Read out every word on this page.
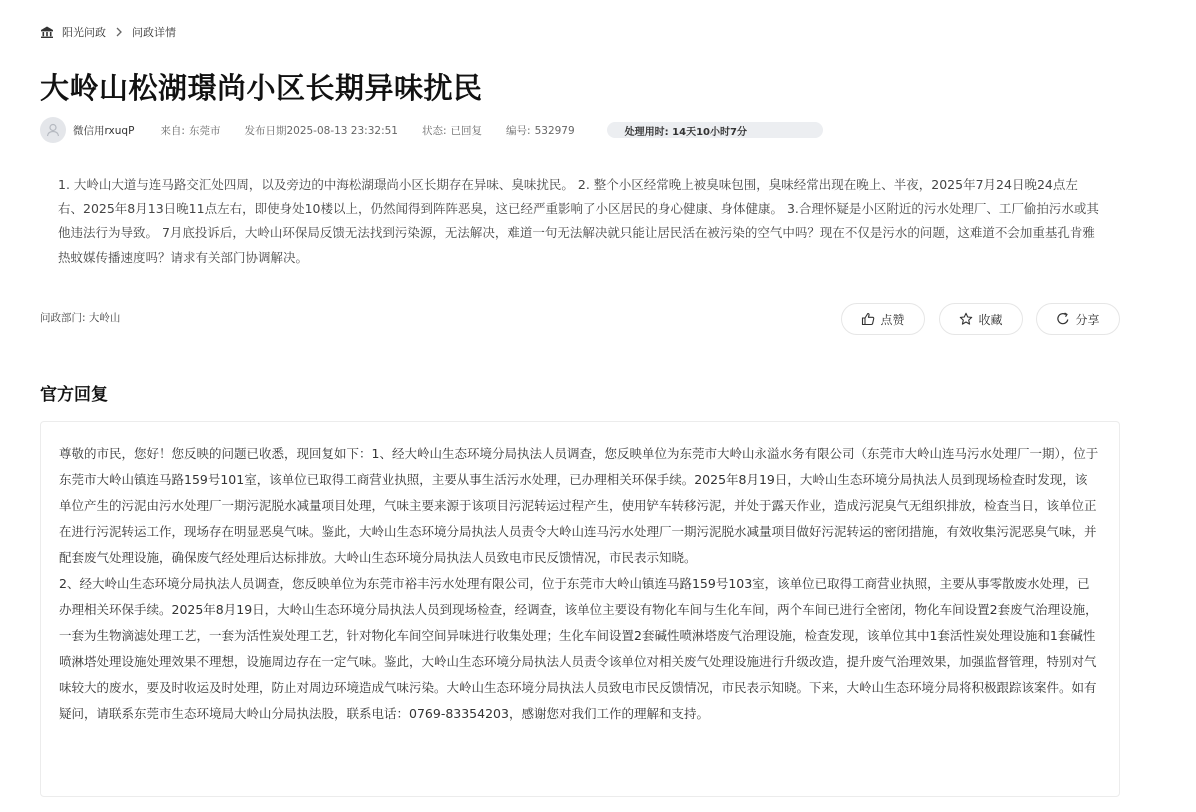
阳光问政 问政详情
大岭山松湖璟尚小区长期异味扰民
微信用rxuqP 来自: 东莞市 发布日期2025-08-13 23:32:51 状态: 已回复 编号: 532979	处理用时: 14天10小时7分
1. 大岭山大道与连马路交汇处四周，以及旁边的中海松湖璟尚小区长期存在异味、臭味扰民。 2. 整个小区经常晚上被臭味包围，臭味经常出现在晚上、半夜，2025年7月24日晚24点左右、2025年8月13日晚11点左右，即使身处10楼以上，仍然闻得到阵阵恶臭，这已经严重影响了小区居民的身心健康、身体健康。 3.合理怀疑是小区附近的污水处理厂、工厂偷拍污水或其他违法行为导致。 7月底投诉后，大岭山环保局反馈无法找到污染源，无法解决，难道一句无法解决就只能让居民活在被污染的空气中吗？现在不仅是污水的问题，这难道不会加重基孔肯雅热蚊媒传播速度吗？请求有关部门协调解决。
问政部门: 大岭山	点赞	收藏	分享
官方回复

尊敬的市民，您好！您反映的问题已收悉，现回复如下：1、经大岭山生态环境分局执法人员调查，您反映单位为东莞市大岭山永溢水务有限公司（东莞市大岭山连马污水处理厂一期），位于东莞市大岭山镇连马路159号101室，该单位已取得工商营业执照，主要从事生活污水处理，已办理相关环保手续。2025年8月19日，大岭山生态环境分局执法人员到现场检查时发现，该单位产生的污泥由污水处理厂一期污泥脱水减量项目处理，气味主要来源于该项目污泥转运过程产生，使用铲车转移污泥，并处于露天作业，造成污泥臭气无组织排放，检查当日，该单位正在进行污泥转运工作，现场存在明显恶臭气味。鉴此，大岭山生态环境分局执法人员责令大岭山连马污水处理厂一期污泥脱水减量项目做好污泥转运的密闭措施，有效收集污泥恶臭气味，并配套废气处理设施，确保废气经处理后达标排放。大岭山生态环境分局执法人员致电市民反馈情况，市民表示知晓。

2、经大岭山生态环境分局执法人员调查，您反映单位为东莞市裕丰污水处理有限公司，位于东莞市大岭山镇连马路159号103室，该单位已取得工商营业执照，主要从事零散废水处理，已办理相关环保手续。2025年8月19日，大岭山生态环境分局执法人员到现场检查，经调查，该单位主要设有物化车间与生化车间，两个车间已进行全密闭，物化车间设置2套废气治理设施，一套为生物滴滤处理工艺，一套为活性炭处理工艺，针对物化车间空间异味进行收集处理；生化车间设置2套碱性喷淋塔废气治理设施，检查发现，该单位其中1套活性炭处理设施和1套碱性喷淋塔处理设施处理效果不理想，设施周边存在一定气味。鉴此，大岭山生态环境分局执法人员责令该单位对相关废气处理设施进行升级改造，提升废气治理效果，加强监督管理，特别对气味较大的废水，要及时收运及时处理，防止对周边环境造成气味污染。大岭山生态环境分局执法人员致电市民反馈情况，市民表示知晓。下来，大岭山生态环境分局将积极跟踪该案件。如有疑问，请联系东莞市生态环境局大岭山分局执法股，联系电话：0769-83354203，感谢您对我们工作的理解和支持。
